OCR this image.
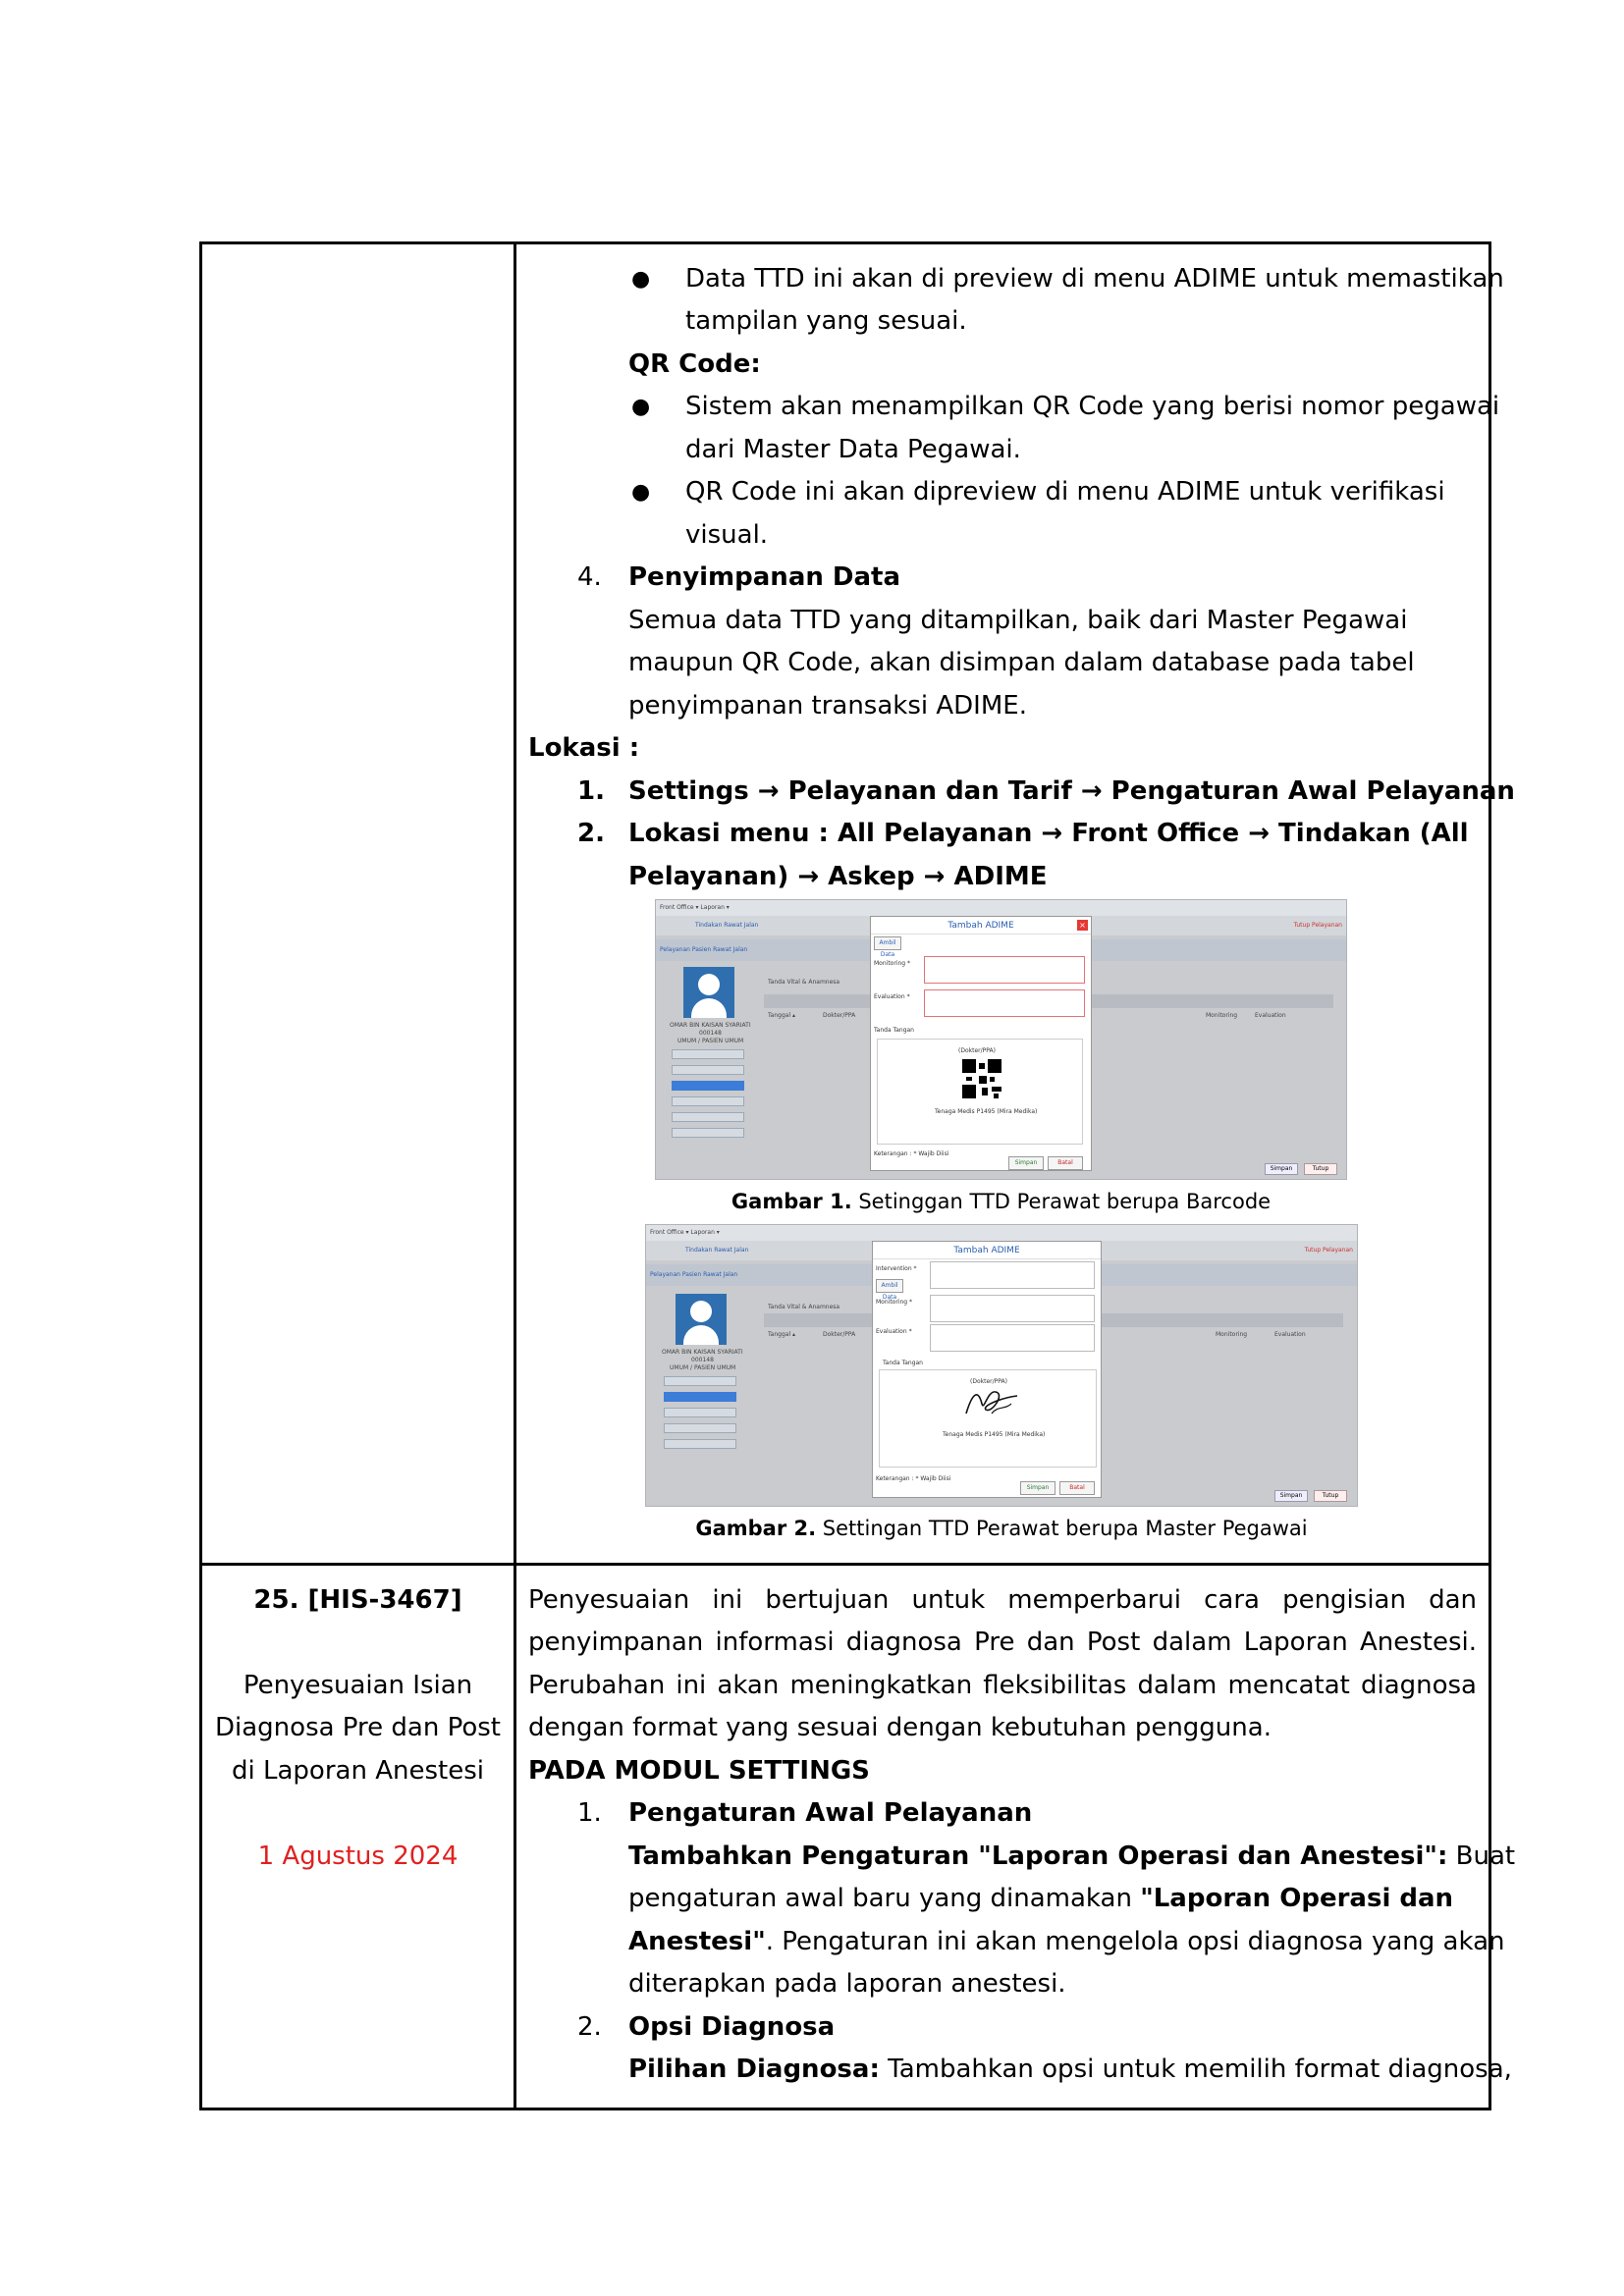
● Data TTD ini akan di preview di menu ADIME untuk memastikan
tampilan yang sesuai.
QR Code:
● Sistem akan menampilkan QR Code yang berisi nomor pegawai
dari Master Data Pegawai.
● QR Code ini akan dipreview di menu ADIME untuk verifikasi
visual.
4. Penyimpanan Data
Semua data TTD yang ditampilkan, baik dari Master Pegawai
maupun QR Code, akan disimpan dalam database pada tabel
penyimpanan transaksi ADIME.
Lokasi :
1. Settings → Pelayanan dan Tarif → Pengaturan Awal Pelayanan
2. Lokasi menu : All Pelayanan → Front Office → Tindakan (All
Pelayanan) → Askep → ADIME
Front Office ▾ Laporan ▾
Tindakan Rawat Jalan	Tutup Pelayanan
Pelayanan Pasien Rawat Jalan
OMAR BIN KAISAN SYARIATI
000148
UMUM / PASIEN UMUM
Tanda Vital & Anamnesa
Tanggal ▴	Dokter/PPA	Monitoring	Evaluation
Tambah ADIME	×
Ambil Data
Monitoring *
Evaluation *
Tanda Tangan
(Dokter/PPA)
Tenaga Medis P1495 (Mira Medika)
Keterangan : * Wajib Diisi
Simpan	Batal
Simpan	Tutup
Gambar 1. Setinggan TTD Perawat berupa Barcode
Front Office ▾ Laporan ▾
Tindakan Rawat Jalan	Tutup Pelayanan
Pelayanan Pasien Rawat Jalan
OMAR BIN KAISAN SYARIATI
000148
UMUM / PASIEN UMUM
Tanda Vital & Anamnesa
Tanggal ▴	Dokter/PPA	Monitoring	Evaluation
Tambah ADIME
Intervention *
Ambil Data
Monitoring *
Evaluation *
Tanda Tangan
(Dokter/PPA)
Tenaga Medis P1495 (Mira Medika)
Keterangan : * Wajib Diisi
Simpan	Batal
Simpan	Tutup
Gambar 2. Settingan TTD Perawat berupa Master Pegawai
25. [HIS-3467]
Penyesuaian Isian
Diagnosa Pre dan Post
di Laporan Anestesi
1 Agustus 2024
Penyesuaian ini bertujuan untuk memperbarui cara pengisian dan
penyimpanan informasi diagnosa Pre dan Post dalam Laporan Anestesi.
Perubahan ini akan meningkatkan fleksibilitas dalam mencatat diagnosa
dengan format yang sesuai dengan kebutuhan pengguna.
PADA MODUL SETTINGS
1. Pengaturan Awal Pelayanan
Tambahkan Pengaturan "Laporan Operasi dan Anestesi": Buat
pengaturan awal baru yang dinamakan "Laporan Operasi dan
Anestesi". Pengaturan ini akan mengelola opsi diagnosa yang akan
diterapkan pada laporan anestesi.
2. Opsi Diagnosa
Pilihan Diagnosa: Tambahkan opsi untuk memilih format diagnosa,
